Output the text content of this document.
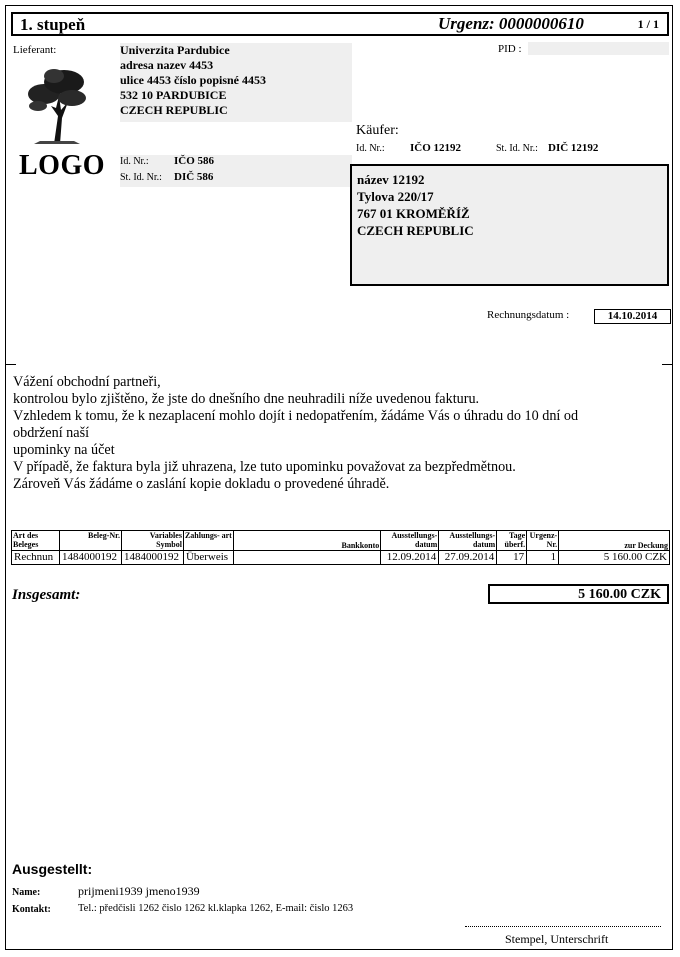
1. stupeň	Urgenz: 0000000610	1 / 1
Lieferant:	Univerzita Pardubice
adresa nazev 4453
ulice 4453 číslo popisné 4453
532 10 PARDUBICE
CZECH REPUBLIC
PID :
LOGO Id. Nr.: IČO 586
St. Id. Nr.: DIČ 586
Käufer:
Id. Nr.: IČO 12192	St. Id. Nr.: DIČ 12192
název 12192
Tylova 220/17
767 01 KROMĚŘÍŽ
CZECH REPUBLIC
Rechnungsdatum :	14.10.2014
Vážení obchodní partneři,
kontrolou bylo zjištěno, že jste do dnešního dne neuhradili níže uvedenou fakturu.
Vzhledem k tomu, že k nezaplacení mohlo dojít i nedopatřením, žádáme Vás o úhradu do 10 dní od
obdržení naší
upominky na účet
V případě, že faktura byla již uhrazena, lze tuto upominku považovat za bezpředmětnou.
Zároveň Vás žádáme o zaslání kopie dokladu o provedené úhradě.
Art des Beleges	Beleg-Nr.	Variables Symbol	Zahlungs- art	Bankkonto	Ausstellungs- datum	Ausstellungs- datum	Tage überf.	Urgenz- Nr.	zur Deckung
Rechnun	1484000192	1484000192	Überweis		12.09.2014	27.09.2014	17	1	5 160.00 CZK
Insgesamt:	5 160.00 CZK
Ausgestellt:
Name:	prijmeni1939 jmeno1939
Kontakt:	Tel.: předčisli 1262 čislo 1262 kl.klapka 1262, E-mail: čislo 1263
Stempel, Unterschrift
